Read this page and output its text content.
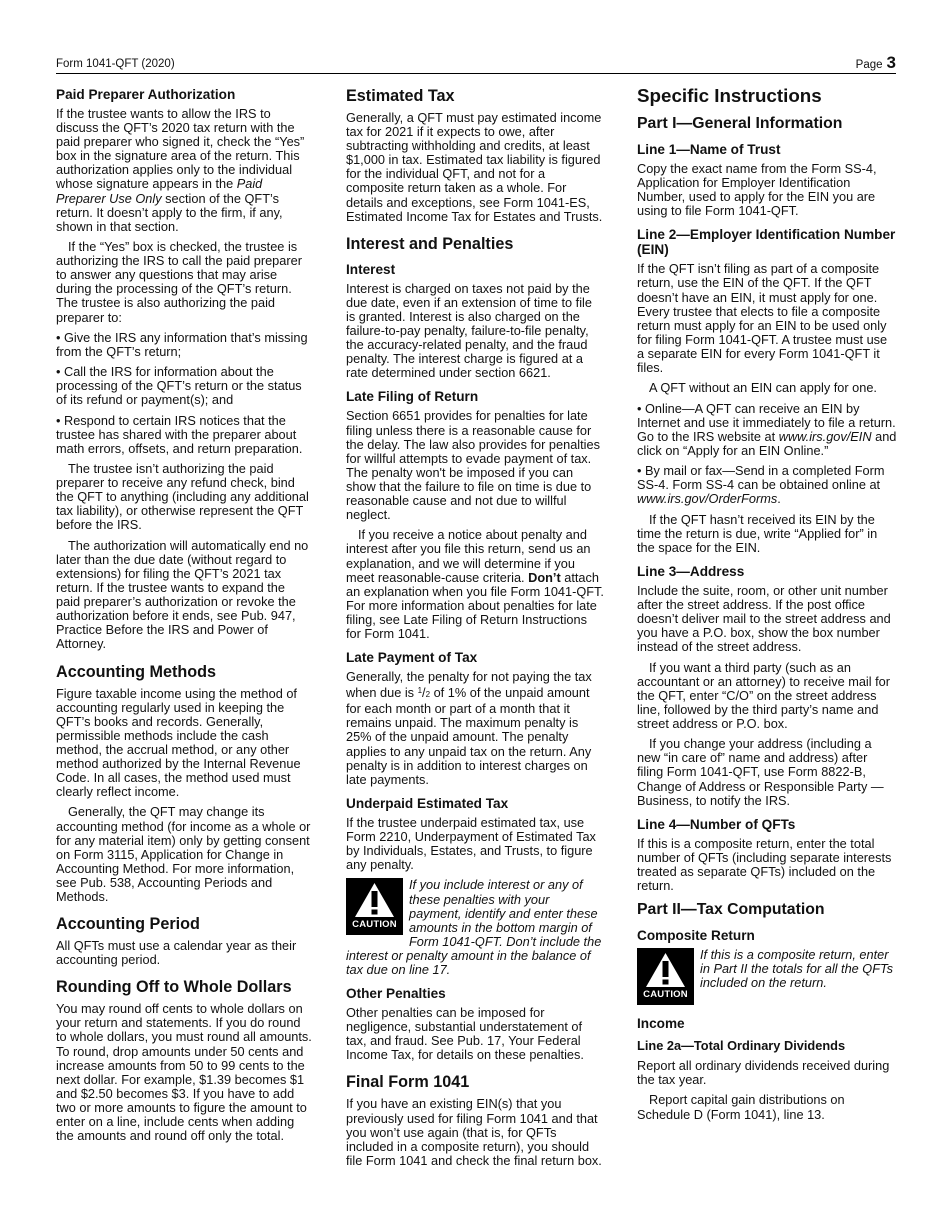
Form 1041-QFT (2020)	Page 3
Paid Preparer Authorization

If the trustee wants to allow the IRS to discuss the QFT’s 2020 tax return with the paid preparer who signed it, check the “Yes” box in the signature area of the return. This authorization applies only to the individual whose signature appears in the Paid Preparer Use Only section of the QFT’s return. It doesn’t apply to the firm, if any, shown in that section.

If the “Yes” box is checked, the trustee is authorizing the IRS to call the paid preparer to answer any questions that may arise during the processing of the QFT’s return. The trustee is also authorizing the paid preparer to:

• Give the IRS any information that’s missing from the QFT’s return;

• Call the IRS for information about the processing of the QFT’s return or the status of its refund or payment(s); and

• Respond to certain IRS notices that the trustee has shared with the preparer about math errors, offsets, and return preparation.

The trustee isn’t authorizing the paid preparer to receive any refund check, bind the QFT to anything (including any additional tax liability), or otherwise represent the QFT before the IRS.

The authorization will automatically end no later than the due date (without regard to extensions) for filing the QFT’s 2021 tax return. If the trustee wants to expand the paid preparer’s authorization or revoke the authorization before it ends, see Pub. 947, Practice Before the IRS and Power of Attorney.

Accounting Methods

Figure taxable income using the method of accounting regularly used in keeping the QFT’s books and records. Generally, permissible methods include the cash method, the accrual method, or any other method authorized by the Internal Revenue Code. In all cases, the method used must clearly reflect income.

Generally, the QFT may change its accounting method (for income as a whole or for any material item) only by getting consent on Form 3115, Application for Change in Accounting Method. For more information, see Pub. 538, Accounting Periods and Methods.

Accounting Period

All QFTs must use a calendar year as their accounting period.

Rounding Off to Whole Dollars

You may round off cents to whole dollars on your return and statements. If you do round to whole dollars, you must round all amounts. To round, drop amounts under 50 cents and increase amounts from 50 to 99 cents to the next dollar. For example, $1.39 becomes $1 and $2.50 becomes $3. If you have to add two or more amounts to figure the amount to enter on a line, include cents when adding the amounts and round off only the total.

Estimated Tax

Generally, a QFT must pay estimated income tax for 2021 if it expects to owe, after subtracting withholding and credits, at least $1,000 in tax. Estimated tax liability is figured for the individual QFT, and not for a composite return taken as a whole. For details and exceptions, see Form 1041-ES, Estimated Income Tax for Estates and Trusts.

Interest and Penalties
Interest

Interest is charged on taxes not paid by the due date, even if an extension of time to file is granted. Interest is also charged on the failure-to-pay penalty, failure-to-file penalty, the accuracy-related penalty, and the fraud penalty. The interest charge is figured at a rate determined under section 6621.

Late Filing of Return

Section 6651 provides for penalties for late filing unless there is a reasonable cause for the delay. The law also provides for penalties for willful attempts to evade payment of tax. The penalty won't be imposed if you can show that the failure to file on time is due to reasonable cause and not due to willful neglect.

If you receive a notice about penalty and interest after you file this return, send us an explanation, and we will determine if you meet reasonable-cause criteria. Don’t attach an explanation when you file Form 1041-QFT. For more information about penalties for late filing, see Late Filing of Return Instructions for Form 1041.

Late Payment of Tax

Generally, the penalty for not paying the tax when due is $^1$/2 of 1% of the unpaid amount for each month or part of a month that it remains unpaid. The maximum penalty is 25% of the unpaid amount. The penalty applies to any unpaid tax on the return. Any penalty is in addition to interest charges on late payments.

Underpaid Estimated Tax

If the trustee underpaid estimated tax, use Form 2210, Underpayment of Estimated Tax by Individuals, Estates, and Trusts, to figure any penalty.

CAUTION
If you include interest or any of these penalties with your payment, identify and enter these amounts in the bottom margin of Form 1041-QFT. Don’t include the interest or penalty amount in the balance of tax due on line 17.
Other Penalties

Other penalties can be imposed for negligence, substantial understatement of tax, and fraud. See Pub. 17, Your Federal Income Tax, for details on these penalties.

Final Form 1041

If you have an existing EIN(s) that you previously used for filing Form 1041 and that you won’t use again (that is, for QFTs included in a composite return), you should file Form 1041 and check the final return box.

Specific Instructions
Part I—General Information
Line 1—Name of Trust

Copy the exact name from the Form SS-4, Application for Employer Identification Number, used to apply for the EIN you are using to file Form 1041-QFT.

Line 2—Employer Identification Number (EIN)

If the QFT isn’t filing as part of a composite return, use the EIN of the QFT. If the QFT doesn’t have an EIN, it must apply for one. Every trustee that elects to file a composite return must apply for an EIN to be used only for filing Form 1041-QFT. A trustee must use a separate EIN for every Form 1041-QFT it files.

A QFT without an EIN can apply for one.

• Online—A QFT can receive an EIN by Internet and use it immediately to file a return. Go to the IRS website at www.irs.gov/EIN and click on “Apply for an EIN Online.”

• By mail or fax—Send in a completed Form SS-4. Form SS-4 can be obtained online at www.irs.gov/OrderForms.

If the QFT hasn’t received its EIN by the time the return is due, write “Applied for” in the space for the EIN.

Line 3—Address

Include the suite, room, or other unit number after the street address. If the post office doesn’t deliver mail to the street address and you have a P.O. box, show the box number instead of the street address.

If you want a third party (such as an accountant or an attorney) to receive mail for the QFT, enter “C/O” on the street address line, followed by the third party’s name and street address or P.O. box.

If you change your address (including a new “in care of” name and address) after filing Form 1041-QFT, use Form 8822-B, Change of Address or Responsible Party — Business, to notify the IRS.

Line 4—Number of QFTs

If this is a composite return, enter the total number of QFTs (including separate interests treated as separate QFTs) included on the return.

Part II—Tax Computation
Composite Return
CAUTION
If this is a composite return, enter in Part II the totals for all the QFTs included on the return.
Income
Line 2a—Total Ordinary Dividends

Report all ordinary dividends received during the tax year.

Report capital gain distributions on Schedule D (Form 1041), line 13.
